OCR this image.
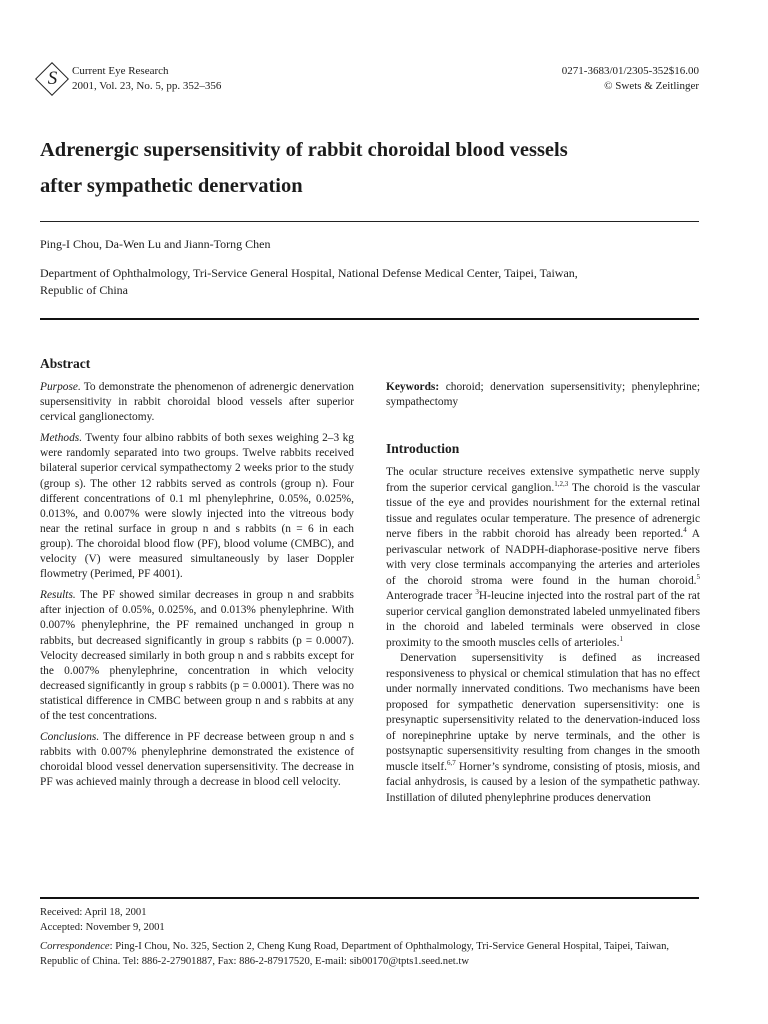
S	Current Eye Research
2001, Vol. 23, No. 5, pp. 352–356
0271-3683/01/2305-352$16.00
© Swets & Zeitlinger
Adrenergic supersensitivity of rabbit choroidal blood vessels
after sympathetic denervation
Ping-I Chou, Da-Wen Lu and Jiann-Torng Chen
Department of Ophthalmology, Tri-Service General Hospital, National Defense Medical Center, Taipei, Taiwan,
Republic of China
Abstract

Purpose. To demonstrate the phenomenon of adrenergic denervation supersensitivity in rabbit choroidal blood vessels after superior cervical ganglionectomy.

Methods. Twenty four albino rabbits of both sexes weighing 2–3 kg were randomly separated into two groups. Twelve rabbits received bilateral superior cervical sympathectomy 2 weeks prior to the study (group s). The other 12 rabbits served as controls (group n). Four different concentrations of 0.1 ml phenylephrine, 0.05%, 0.025%, 0.013%, and 0.007% were slowly injected into the vitreous body near the retinal surface in group n and s rabbits (n = 6 in each group). The choroidal blood flow (PF), blood volume (CMBC), and velocity (V) were measured simultaneously by laser Doppler flowmetry (Perimed, PF 4001).

Results. The PF showed similar decreases in group n and srabbits after injection of 0.05%, 0.025%, and 0.013% phenylephrine. With 0.007% phenylephrine, the PF remained unchanged in group n rabbits, but decreased significantly in group s rabbits (p = 0.0007). Velocity decreased similarly in both group n and s rabbits except for the 0.007% phenylephrine, concentration in which velocity decreased significantly in group s rabbits (p = 0.0001). There was no statistical difference in CMBC between group n and s rabbits at any of the test concentrations.

Conclusions. The difference in PF decrease between group n and s rabbits with 0.007% phenylephrine demonstrated the existence of choroidal blood vessel denervation supersensitivity. The decrease in PF was achieved mainly through a decrease in blood cell velocity.

Keywords: choroid; denervation supersensitivity; phenylephrine; sympathectomy

Introduction

The ocular structure receives extensive sympathetic nerve supply from the superior cervical ganglion.$^{1,2,3}$ The choroid is the vascular tissue of the eye and provides nourishment for the external retinal tissue and regulates ocular temperature. The presence of adrenergic nerve fibers in the rabbit choroid has already been reported.$^4$ A perivascular network of NADPH-diaphorase-positive nerve fibers with very close terminals accompanying the arteries and arterioles of the choroid stroma were found in the human choroid.$^5$ Anterograde tracer $^3$H-leucine injected into the rostral part of the rat superior cervical ganglion demonstrated labeled unmyelinated fibers in the choroid and labeled terminals were observed in close proximity to the smooth muscles cells of arterioles.$^1$

Denervation supersensitivity is defined as increased responsiveness to physical or chemical stimulation that has no effect under normally innervated conditions. Two mechanisms have been proposed for sympathetic denervation supersensitivity: one is presynaptic supersensitivity related to the denervation-induced loss of norepinephrine uptake by nerve terminals, and the other is postsynaptic supersensitivity resulting from changes in the smooth muscle itself.$^{6,7}$ Horner’s syndrome, consisting of ptosis, miosis, and facial anhydrosis, is caused by a lesion of the sympathetic pathway. Instillation of diluted phenylephrine produces denervation

Received: April 18, 2001
Accepted: November 9, 2001
Correspondence: Ping-I Chou, No. 325, Section 2, Cheng Kung Road, Department of Ophthalmology, Tri-Service General Hospital, Taipei, Taiwan, Republic of China. Tel: 886-2-27901887, Fax: 886-2-87917520, E-mail: sib00170@tpts1.seed.net.tw
